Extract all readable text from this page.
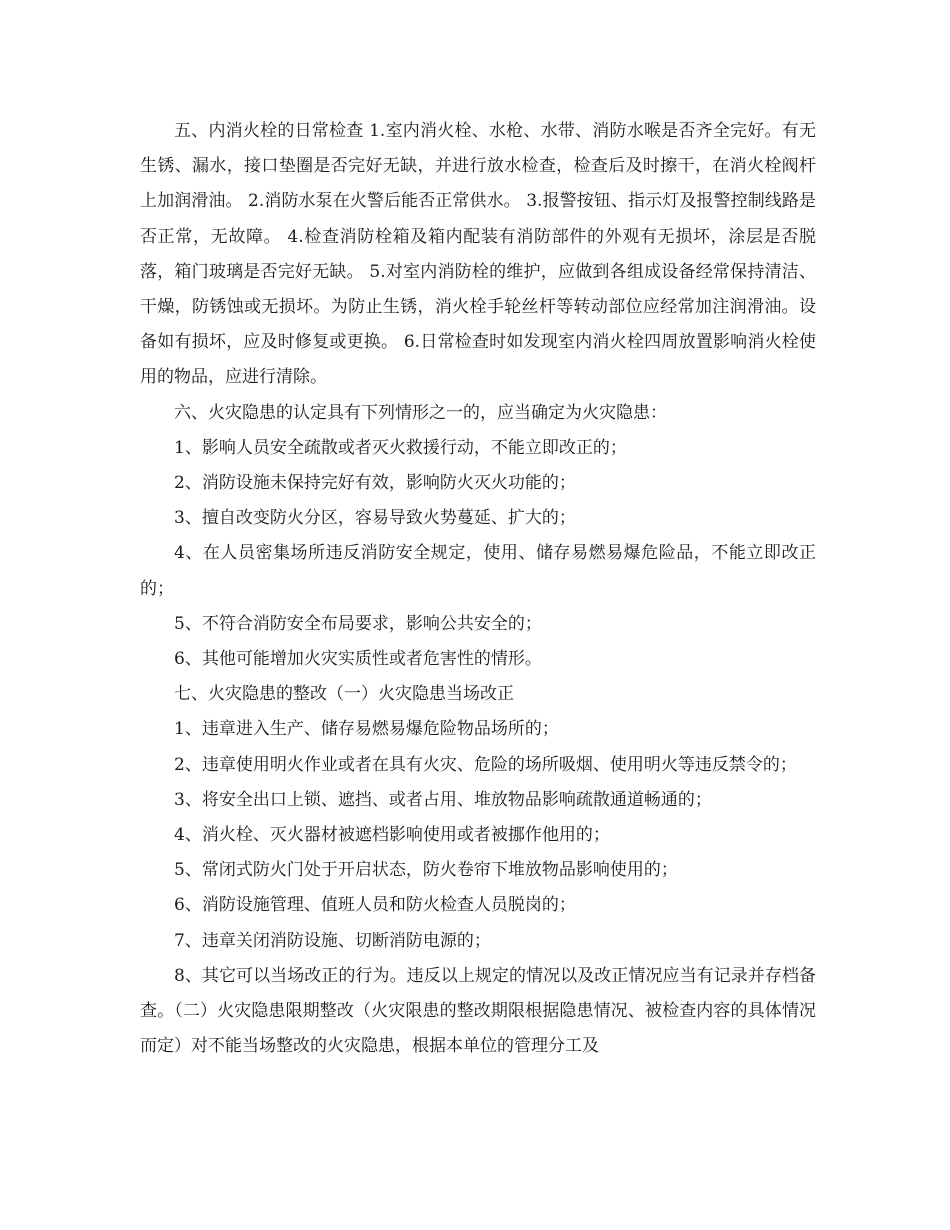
五、内消火栓的日常检查 1.室内消火栓、水枪、水带、消防水喉是否齐全完好。有无生锈、漏水，接口垫圈是否完好无缺，并进行放水检查，检查后及时擦干，在消火栓阀杆上加润滑油。 2.消防水泵在火警后能否正常供水。 3.报警按钮、指示灯及报警控制线路是否正常，无故障。 4.检查消防栓箱及箱内配装有消防部件的外观有无损坏，涂层是否脱落，箱门玻璃是否完好无缺。 5.对室内消防栓的维护，应做到各组成设备经常保持清洁、干燥，防锈蚀或无损坏。为防止生锈，消火栓手轮丝杆等转动部位应经常加注润滑油。设备如有损坏，应及时修复或更换。 6.日常检查时如发现室内消火栓四周放置影响消火栓使用的物品，应进行清除。

六、火灾隐患的认定具有下列情形之一的，应当确定为火灾隐患：

1、影响人员安全疏散或者灭火救援行动，不能立即改正的；

2、消防设施未保持完好有效，影响防火灭火功能的；

3、擅自改变防火分区，容易导致火势蔓延、扩大的；

4、在人员密集场所违反消防安全规定，使用、储存易燃易爆危险品，不能立即改正的；

5、不符合消防安全布局要求，影响公共安全的；

6、其他可能增加火灾实质性或者危害性的情形。

七、火灾隐患的整改（一）火灾隐患当场改正

1、违章进入生产、储存易燃易爆危险物品场所的；

2、违章使用明火作业或者在具有火灾、危险的场所吸烟、使用明火等违反禁令的；

3、将安全出口上锁、遮挡、或者占用、堆放物品影响疏散通道畅通的；

4、消火栓、灭火器材被遮档影响使用或者被挪作他用的；

5、常闭式防火门处于开启状态，防火卷帘下堆放物品影响使用的；

6、消防设施管理、值班人员和防火检查人员脱岗的；

7、违章关闭消防设施、切断消防电源的；

8、其它可以当场改正的行为。违反以上规定的情况以及改正情况应当有记录并存档备查。（二）火灾隐患限期整改（火灾限患的整改期限根据隐患情况、被检查内容的具体情况而定）对不能当场整改的火灾隐患，根据本单位的管理分工及
